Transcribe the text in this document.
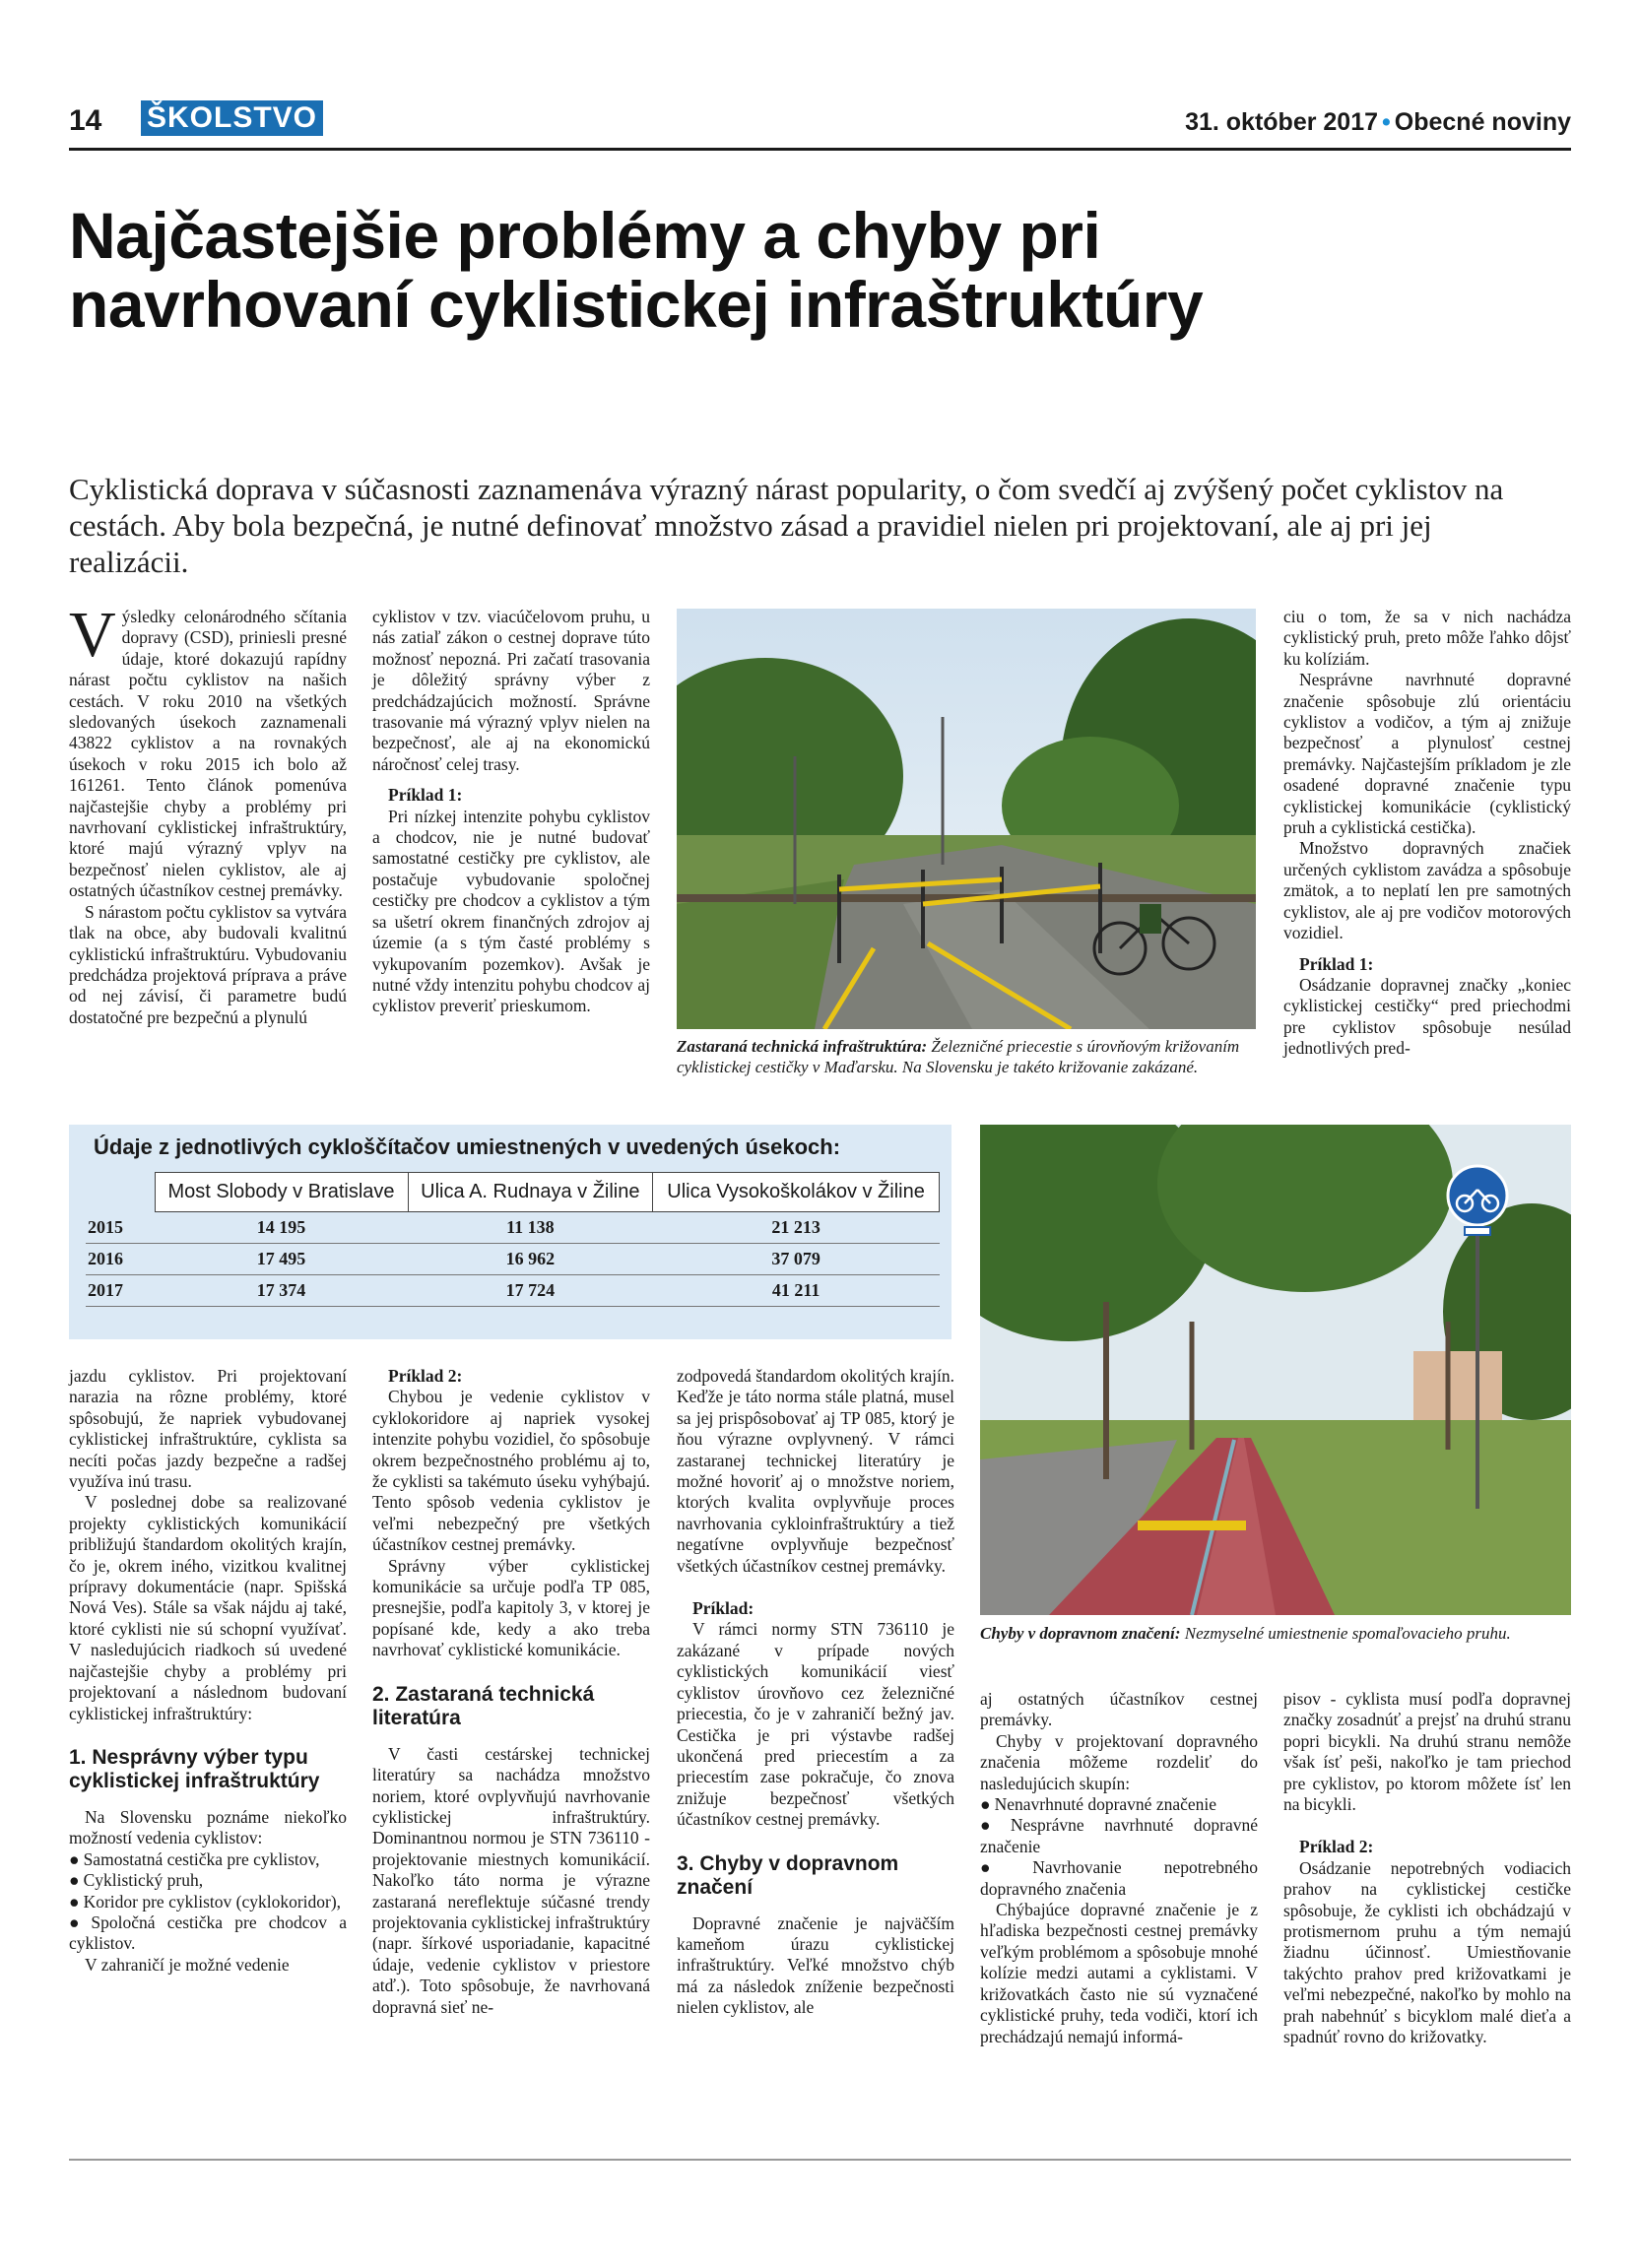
14 ŠKOLSTVO	31. október 2017 • Obecné noviny
Najčastejšie problémy a chyby pri navrhovaní cyklistickej infraštruktúry

Cyklistická doprava v súčasnosti zaznamenáva výrazný nárast popularity, o čom svedčí aj zvýšený počet cyklistov na cestách. Aby bola bezpečná, je nutné definovať množstvo zásad a pravidiel nielen pri projektovaní, ale aj pri jej realizácii.

Výsledky celonárodného sčítania dopravy (CSD), priniesli presné údaje, ktoré dokazujú rapídny nárast počtu cyklistov na našich cestách. V roku 2010 na všetkých sledovaných úsekoch zaznamenali 43822 cyklistov a na rovnakých úsekoch v roku 2015 ich bolo až 161261. Tento článok pomenúva najčastejšie chyby a problémy pri navrhovaní cyklistickej infraštruktúry, ktoré majú výrazný vplyv na bezpečnosť nielen cyklistov, ale aj ostatných účastníkov cestnej premávky.

S nárastom počtu cyklistov sa vytvára tlak na obce, aby budovali kvalitnú cyklistickú infraštruktúru. Vybudovaniu predchádza projektová príprava a práve od nej závisí, či parametre budú dostatočné pre bezpečnú a plynulú

cyklistov v tzv. viacúčelovom pruhu, u nás zatiaľ zákon o cestnej doprave túto možnosť nepozná. Pri začatí trasovania je dôležitý správny výber z predchádzajúcich možností. Správne trasovanie má výrazný vplyv nielen na bezpečnosť, ale aj na ekonomickú náročnosť celej trasy.

Príklad 1:

Pri nízkej intenzite pohybu cyklistov a chodcov, nie je nutné budovať samostatné cestičky pre cyklistov, ale postačuje vybudovanie spoločnej cestičky pre chodcov a cyklistov a tým sa ušetrí okrem finančných zdrojov aj územie (a s tým časté problémy s vykupovaním pozemkov). Avšak je nutné vždy intenzitu pohybu chodcov aj cyklistov preveriť prieskumom.

Zastaraná technická infraštruktúra: Železničné priecestie s úrovňovým križovaním cyklistickej cestičky v Maďarsku. Na Slovensku je takéto križovanie zakázané.

ciu o tom, že sa v nich nachádza cyklistický pruh, preto môže ľahko dôjsť ku kolíziám.

Nesprávne navrhnuté dopravné značenie spôsobuje zlú orientáciu cyklistov a vodičov, a tým aj znižuje bezpečnosť a plynulosť cestnej premávky. Najčastejším príkladom je zle osadené dopravné značenie typu cyklistickej komunikácie (cyklistický pruh a cyklistická cestička).

Množstvo dopravných značiek určených cyklistom zavádza a spôsobuje zmätok, a to neplatí len pre samotných cyklistov, ale aj pre vodičov motorových vozidiel.

Príklad 1:

Osádzanie dopravnej značky „koniec cyklistickej cestičky“ pred priechodmi pre cyklistov spôsobuje nesúlad jednotlivých pred-

Údaje z jednotlivých cykloščítačov umiestnených v uvedených úsekoch:
	Most Slobody v Bratislave	Ulica A. Rudnaya v Žiline	Ulica Vysokoškolákov v Žiline
2015	14 195	11 138	21 213
2016	17 495	16 962	37 079
2017	17 374	17 724	41 211
Chyby v dopravnom značení: Nezmyselné umiestnenie spomaľovacieho pruhu.

jazdu cyklistov. Pri projektovaní narazia na rôzne problémy, ktoré spôsobujú, že napriek vybudovanej cyklistickej infraštruktúre, cyklista sa necíti počas jazdy bezpečne a radšej využíva inú trasu.

V poslednej dobe sa realizované projekty cyklistických komunikácií približujú štandardom okolitých krajín, čo je, okrem iného, vizitkou kvalitnej prípravy dokumentácie (napr. Spišská Nová Ves). Stále sa však nájdu aj také, ktoré cyklisti nie sú schopní využívať. V nasledujúcich riadkoch sú uvedené najčastejšie chyby a problémy pri projektovaní a následnom budovaní cyklistickej infraštruktúry:

1. Nesprávny výber typu cyklistickej infraštruktúry

Na Slovensku poznáme niekoľko možností vedenia cyklistov:

● Samostatná cestička pre cyklistov,

● Cyklistický pruh,

● Koridor pre cyklistov (cyklokoridor),

● Spoločná cestička pre chodcov a cyklistov.

V zahraničí je možné vedenie

Príklad 2:

Chybou je vedenie cyklistov v cyklokoridore aj napriek vysokej intenzite pohybu vozidiel, čo spôsobuje okrem bezpečnostného problému aj to, že cyklisti sa takémuto úseku vyhýbajú. Tento spôsob vedenia cyklistov je veľmi nebezpečný pre všetkých účastníkov cestnej premávky.

Správny výber cyklistickej komunikácie sa určuje podľa TP 085, presnejšie, podľa kapitoly 3, v ktorej je popísané kde, kedy a ako treba navrhovať cyklistické komunikácie.

2. Zastaraná technická literatúra

V časti cestárskej technickej literatúry sa nachádza množstvo noriem, ktoré ovplyvňujú navrhovanie cyklistickej infraštruktúry. Dominantnou normou je STN 736110 - projektovanie miestnych komunikácií. Nakoľko táto norma je výrazne zastaraná nereflektuje súčasné trendy projektovania cyklistickej infraštruktúry (napr. šírkové usporiadanie, kapacitné údaje, vedenie cyklistov v priestore atď.). Toto spôsobuje, že navrhovaná dopravná sieť ne-

zodpovedá štandardom okolitých krajín. Keďže je táto norma stále platná, musel sa jej prispôsobovať aj TP 085, ktorý je ňou výrazne ovplyvnený. V rámci zastaranej technickej literatúry je možné hovoriť aj o množstve noriem, ktorých kvalita ovplyvňuje proces navrhovania cykloinfraštruktúry a tiež negatívne ovplyvňuje bezpečnosť všetkých účastníkov cestnej premávky.

Príklad:

V rámci normy STN 736110 je zakázané v prípade nových cyklistických komunikácií viesť cyklistov úrovňovo cez železničné priecestia, čo je v zahraničí bežný jav. Cestička je pri výstavbe radšej ukončená pred priecestím a za priecestím zase pokračuje, čo znova znižuje bezpečnosť všetkých účastníkov cestnej premávky.

3. Chyby v dopravnom značení

Dopravné značenie je najväčším kameňom úrazu cyklistickej infraštruktúry. Veľké množstvo chýb má za následok zníženie bezpečnosti nielen cyklistov, ale

aj ostatných účastníkov cestnej premávky.

Chyby v projektovaní dopravného značenia môžeme rozdeliť do nasledujúcich skupín:

● Nenavrhnuté dopravné značenie

● Nesprávne navrhnuté dopravné značenie

● Navrhovanie nepotrebného dopravného značenia

Chýbajúce dopravné značenie je z hľadiska bezpečnosti cestnej premávky veľkým problémom a spôsobuje mnohé kolízie medzi autami a cyklistami. V križovatkách často nie sú vyznačené cyklistické pruhy, teda vodiči, ktorí ich prechádzajú nemajú informá-

pisov - cyklista musí podľa dopravnej značky zosadnúť a prejsť na druhú stranu popri bicykli. Na druhú stranu nemôže však ísť peši, nakoľko je tam priechod pre cyklistov, po ktorom môžete ísť len na bicykli.

Príklad 2:

Osádzanie nepotrebných vodiacich prahov na cyklistickej cestičke spôsobuje, že cyklisti ich obchádzajú v protismernom pruhu a tým nemajú žiadnu účinnosť. Umiestňovanie takýchto prahov pred križovatkami je veľmi nebezpečné, nakoľko by mohlo na prah nabehnúť s bicyklom malé dieťa a spadnúť rovno do križovatky.
